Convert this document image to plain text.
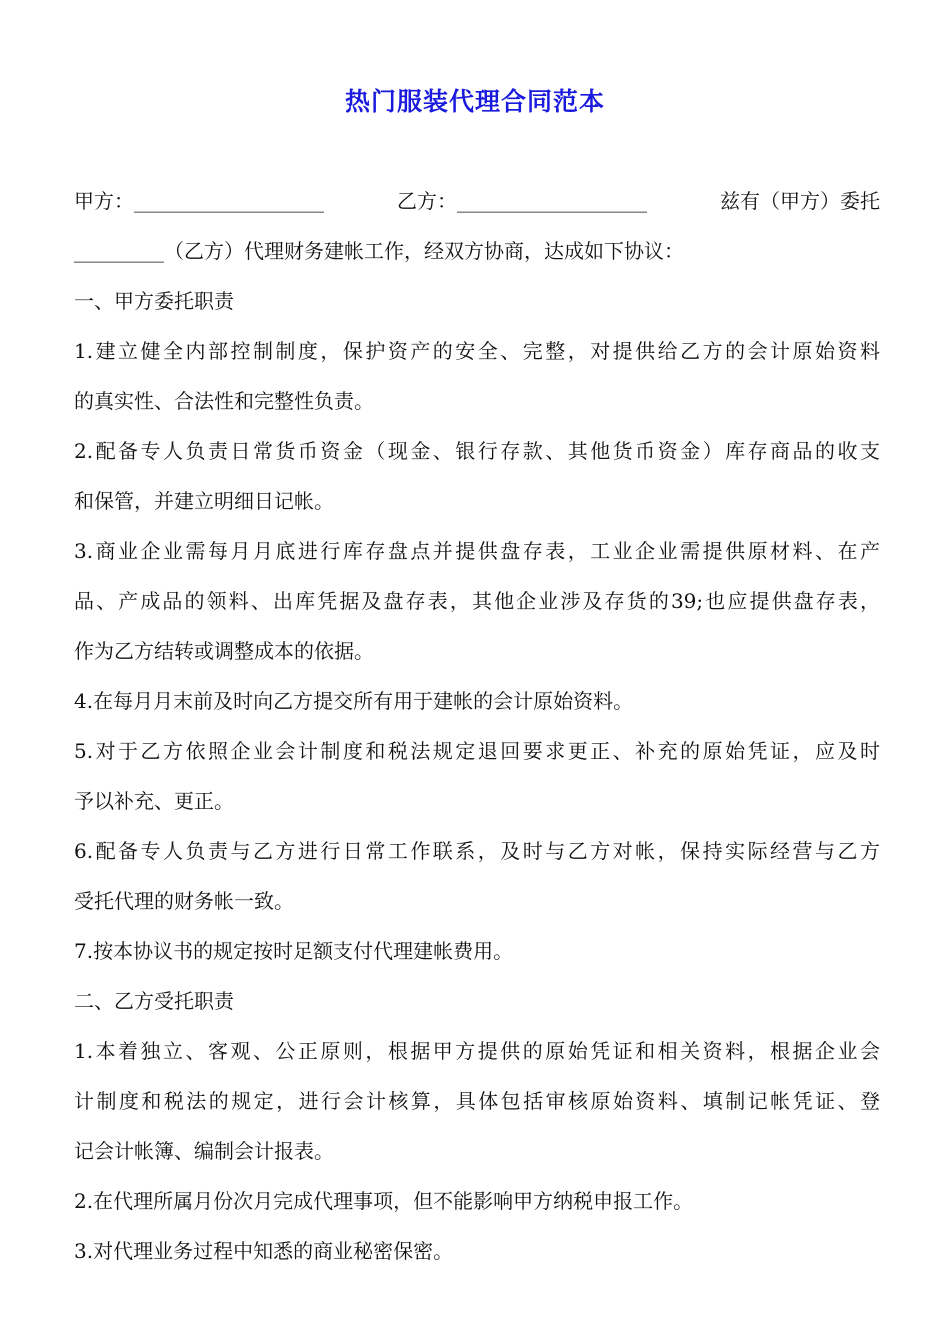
热门服装代理合同范本
甲方：___________________	乙方：___________________	兹有（甲方）委托
_________（乙方）代理财务建帐工作，经双方协商，达成如下协议：
一、甲方委托职责
1.建立健全内部控制制度，保护资产的安全、完整，对提供给乙方的会计原始资料
的真实性、合法性和完整性负责。
2.配备专人负责日常货币资金（现金、银行存款、其他货币资金）库存商品的收支
和保管，并建立明细日记帐。
3.商业企业需每月月底进行库存盘点并提供盘存表，工业企业需提供原材料、在产
品、产成品的领料、出库凭据及盘存表，其他企业涉及存货的39;也应提供盘存表，
作为乙方结转或调整成本的依据。
4.在每月月末前及时向乙方提交所有用于建帐的会计原始资料。
5.对于乙方依照企业会计制度和税法规定退回要求更正、补充的原始凭证，应及时
予以补充、更正。
6.配备专人负责与乙方进行日常工作联系，及时与乙方对帐，保持实际经营与乙方
受托代理的财务帐一致。
7.按本协议书的规定按时足额支付代理建帐费用。
二、乙方受托职责
1.本着独立、客观、公正原则，根据甲方提供的原始凭证和相关资料，根据企业会
计制度和税法的规定，进行会计核算，具体包括审核原始资料、填制记帐凭证、登
记会计帐簿、编制会计报表。
2.在代理所属月份次月完成代理事项，但不能影响甲方纳税申报工作。
3.对代理业务过程中知悉的商业秘密保密。
